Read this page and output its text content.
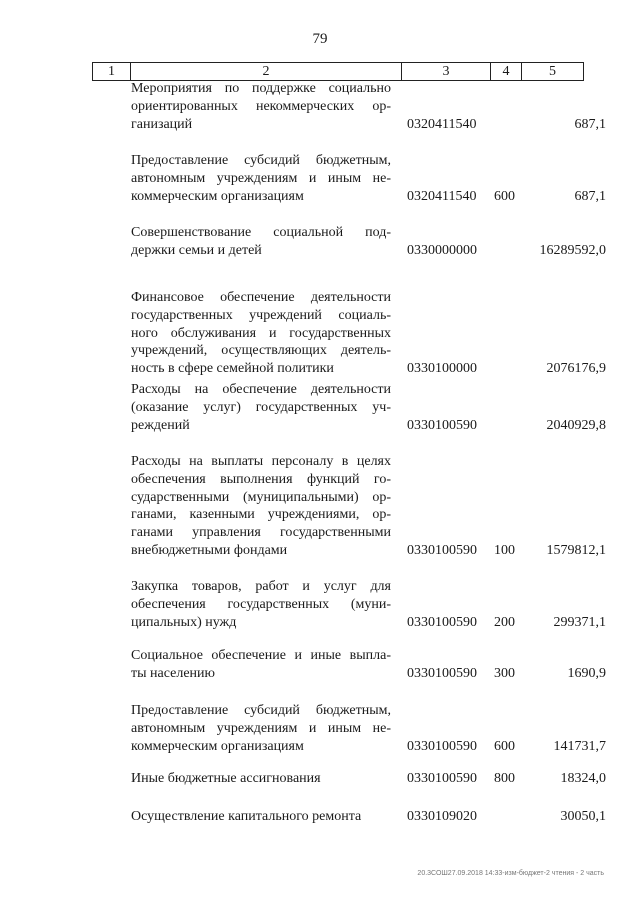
79
1	2	3	4	5
Мероприятия по поддержке социально
ориентированных некоммерческих ор-
ганизаций	0320411540	687,1
Предоставление субсидий бюджетным,
автономным учреждениям и иным не-
коммерческим организациям	0320411540 600	687,1
Совершенствование социальной под-
держки семьи и детей	0330000000	16289592,0
Финансовое обеспечение деятельности
государственных учреждений социаль-
ного обслуживания и государственных
учреждений, осуществляющих деятель-
ность в сфере семейной политики	0330100000	2076176,9
Расходы на обеспечение деятельности
(оказание услуг) государственных уч-
реждений	0330100590	2040929,8
Расходы на выплаты персоналу в целях
обеспечения выполнения функций го-
сударственными (муниципальными) ор-
ганами, казенными учреждениями, ор-
ганами управления государственными
внебюджетными фондами	0330100590 100 1579812,1
Закупка товаров, работ и услуг для
обеспечения государственных (муни-
ципальных) нужд	0330100590 200	299371,1
Социальное обеспечение и иные выпла-
ты населению	0330100590 300	1690,9
Предоставление субсидий бюджетным,
автономным учреждениям и иным не-
коммерческим организациям	0330100590 600	141731,7
Иные бюджетные ассигнования	0330100590 800	18324,0
Осуществление капитального ремонта	0330109020	30050,1
20.3СОШ27.09.2018 14:33-изм-бюджет-2 чтения - 2 часть
